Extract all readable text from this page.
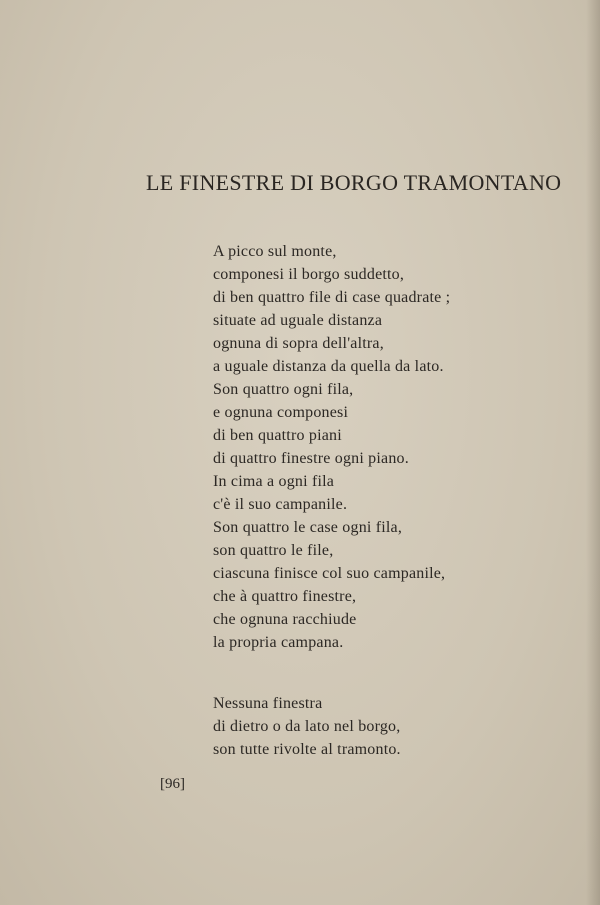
LE FINESTRE DI BORGO TRAMONTANO
A picco sul monte,
componesi il borgo suddetto,
di ben quattro file di case quadrate ;
situate ad uguale distanza
ognuna di sopra dell'altra,
a uguale distanza da quella da lato.
Son quattro ogni fila,
e ognuna componesi
di ben quattro piani
di quattro finestre ogni piano.
In cima a ogni fila
c'è il suo campanile.
Son quattro le case ogni fila,
son quattro le file,
ciascuna finisce col suo campanile,
che à quattro finestre,
che ognuna racchiude
la propria campana.
Nessuna finestra
di dietro o da lato nel borgo,
son tutte rivolte al tramonto.
[96]
